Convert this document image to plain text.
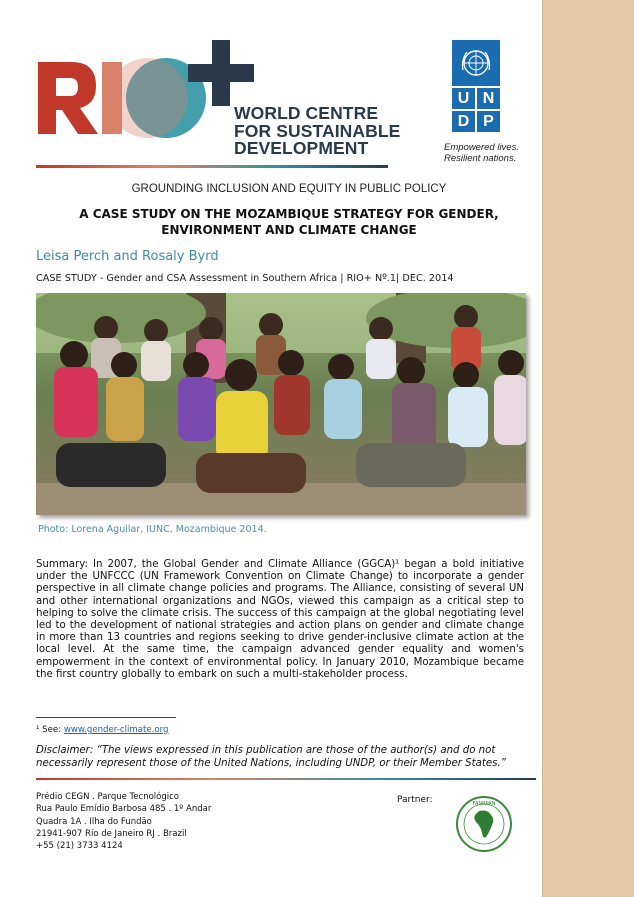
WORLD CENTRE
FOR SUSTAINABLE
DEVELOPMENT
U N
D P
Empowered lives.
Resilient nations.
GROUNDING INCLUSION AND EQUITY IN PUBLIC POLICY
A CASE STUDY ON THE MOZAMBIQUE STRATEGY FOR GENDER,
ENVIRONMENT AND CLIMATE CHANGE
Leisa Perch and Rosaly Byrd
CASE STUDY - Gender and CSA Assessment in Southern Africa | RIO+ Nº.1| DEC. 2014
Photo: Lorena Aguilar, IUNC, Mozambique 2014.
Summary: In 2007, the Global Gender and Climate Alliance (GGCA)¹ began a bold initiative under the UNFCCC (UN Framework Convention on Climate Change) to incorporate a gender perspective in all climate change policies and programs. The Alliance, consisting of several UN and other international organizations and NGOs, viewed this campaign as a critical step to helping to solve the climate crisis. The success of this campaign at the global negotiating level led to the development of national strategies and action plans on gender and climate change in more than 13 countries and regions seeking to drive gender-inclusive climate action at the local level. At the same time, the campaign advanced gender equality and women's empowerment in the context of environmental policy. In January 2010, Mozambique became the first country globally to embark on such a multi-stakeholder process.
¹ See: www.gender-climate.org
Disclaimer: “The views expressed in this publication are those of the author(s) and do not necessarily represent those of the United Nations, including UNDP, or their Member States.”
Prédio CEGN . Parque Tecnológico
Rua Paulo Emídio Barbosa 485 . 1º Andar
Quadra 1A . Ilha do Fundão
21941-907 Rio de Janeiro RJ . Brazil
+55 (21) 3733 4124
Partner:	FANRPAN
